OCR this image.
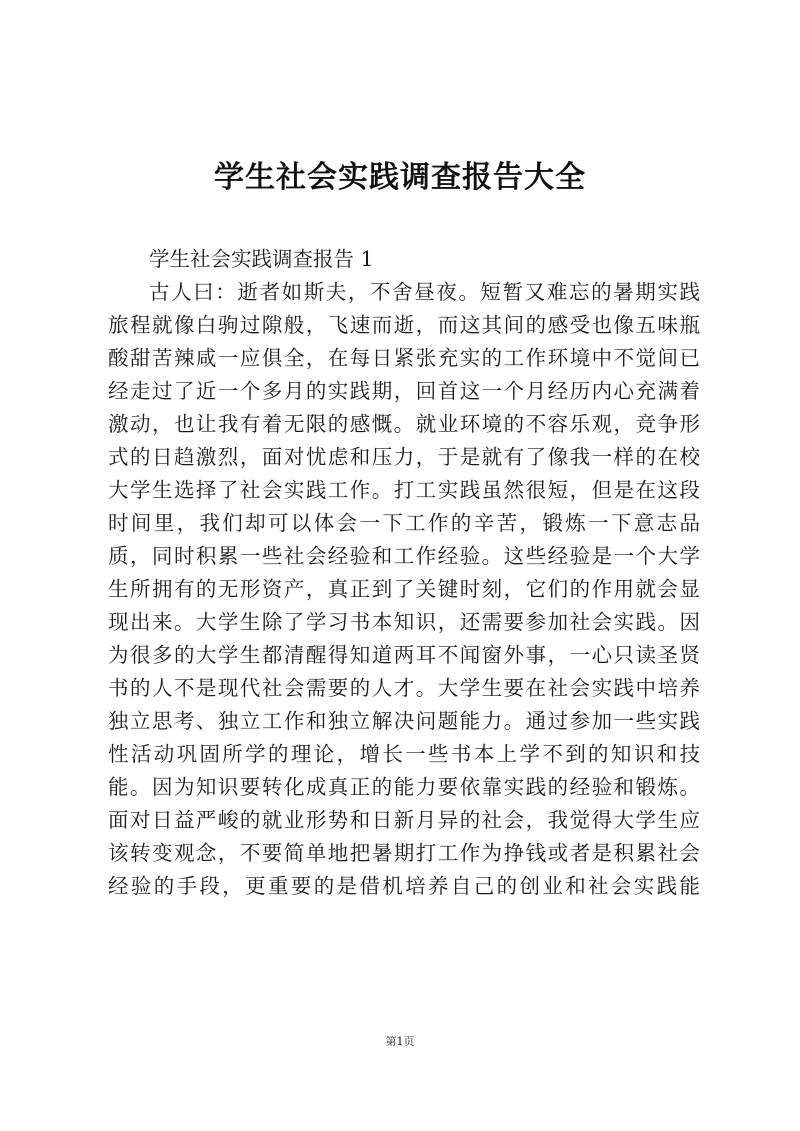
学生社会实践调查报告大全
学生社会实践调查报告 1
古人曰：逝者如斯夫，不舍昼夜。短暂又难忘的暑期实践
旅程就像白驹过隙般，飞速而逝，而这其间的感受也像五味瓶
酸甜苦辣咸一应俱全，在每日紧张充实的工作环境中不觉间已
经走过了近一个多月的实践期，回首这一个月经历内心充满着
激动，也让我有着无限的感慨。就业环境的不容乐观，竞争形
式的日趋激烈，面对忧虑和压力，于是就有了像我一样的在校
大学生选择了社会实践工作。打工实践虽然很短，但是在这段
时间里，我们却可以体会一下工作的辛苦，锻炼一下意志品
质，同时积累一些社会经验和工作经验。这些经验是一个大学
生所拥有的无形资产，真正到了关键时刻，它们的作用就会显
现出来。大学生除了学习书本知识，还需要参加社会实践。因
为很多的大学生都清醒得知道两耳不闻窗外事，一心只读圣贤
书的人不是现代社会需要的人才。大学生要在社会实践中培养
独立思考、独立工作和独立解决问题能力。通过参加一些实践
性活动巩固所学的理论，增长一些书本上学不到的知识和技
能。因为知识要转化成真正的能力要依靠实践的经验和锻炼。
面对日益严峻的就业形势和日新月异的社会，我觉得大学生应
该转变观念，不要简单地把暑期打工作为挣钱或者是积累社会
经验的手段，更重要的是借机培养自己的创业和社会实践能
第1页
